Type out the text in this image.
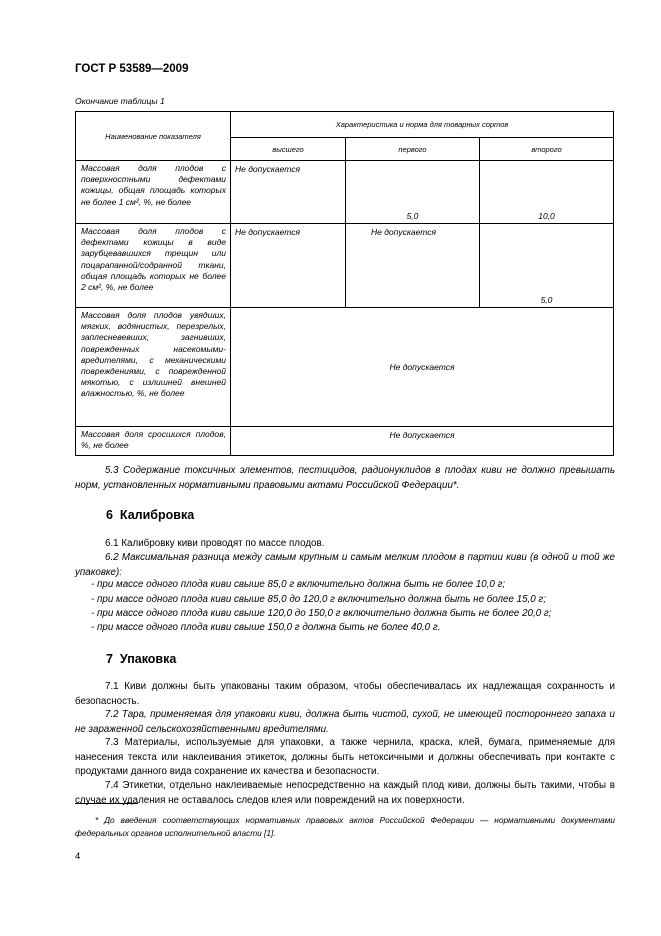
ГОСТ Р 53589—2009
Окончание таблицы 1
Наименование показателя	Характеристика и норма для товарных сортов		
	высшего	первого	второго
Массовая доля плодов с поверхностными дефектами кожицы, общая площадь которых не более 1 см², %, не более	Не допускается	5,0	10,0
Массовая доля плодов с дефектами кожицы в виде зарубцевавшихся трещин или поцарапанной/содранной ткани, общая площадь которых не более 2 см², %, не более	Не допускается	Не допускается	5,0
Массовая доля плодов увядших, мягких, водянистых, перезрелых, заплесневевших, загнивших, поврежденных насекомыми-вредителями, с механическими повреждениями, с поврежденной мякотью, с излишней внешней влажностью, %, не более	Не допускается		
Массовая доля сросшихся плодов, %, не более	Не допускается		
5.3 Содержание токсичных элементов, пестицидов, радионуклидов в плодах киви не должно превышать норм, установленных нормативными правовыми актами Российской Федерации*.
6 Калибровка
6.1 Калибровку киви проводят по массе плодов.
6.2 Максимальная разница между самым крупным и самым мелким плодом в партии киви (в одной и той же упаковке):
- при массе одного плода киви свыше 85,0 г включительно должна быть не более 10,0 г;
- при массе одного плода киви свыше 85,0 до 120,0 г включительно должна быть не более 15,0 г;
- при массе одного плода киви свыше 120,0 до 150,0 г включительно должна быть не более 20,0 г;
- при массе одного плода киви свыше 150,0 г должна быть не более 40,0 г.
7 Упаковка
7.1 Киви должны быть упакованы таким образом, чтобы обеспечивалась их надлежащая сохранность и безопасность.
7.2 Тара, применяемая для упаковки киви, должна быть чистой, сухой, не имеющей постороннего запаха и не зараженной сельскохозяйственными вредителями.
7.3 Материалы, используемые для упаковки, а также чернила, краска, клей, бумага, применяемые для нанесения текста или наклеивания этикеток, должны быть нетоксичными и должны обеспечивать при контакте с продуктами данного вида сохранение их качества и безопасности.
7.4 Этикетки, отдельно наклеиваемые непосредственно на каждый плод киви, должны быть такими, чтобы в случае их удаления не оставалось следов клея или повреждений на их поверхности.
* До введения соответствующих нормативных правовых актов Российской Федерации — нормативными документами федеральных органов исполнительной власти [1].
4
